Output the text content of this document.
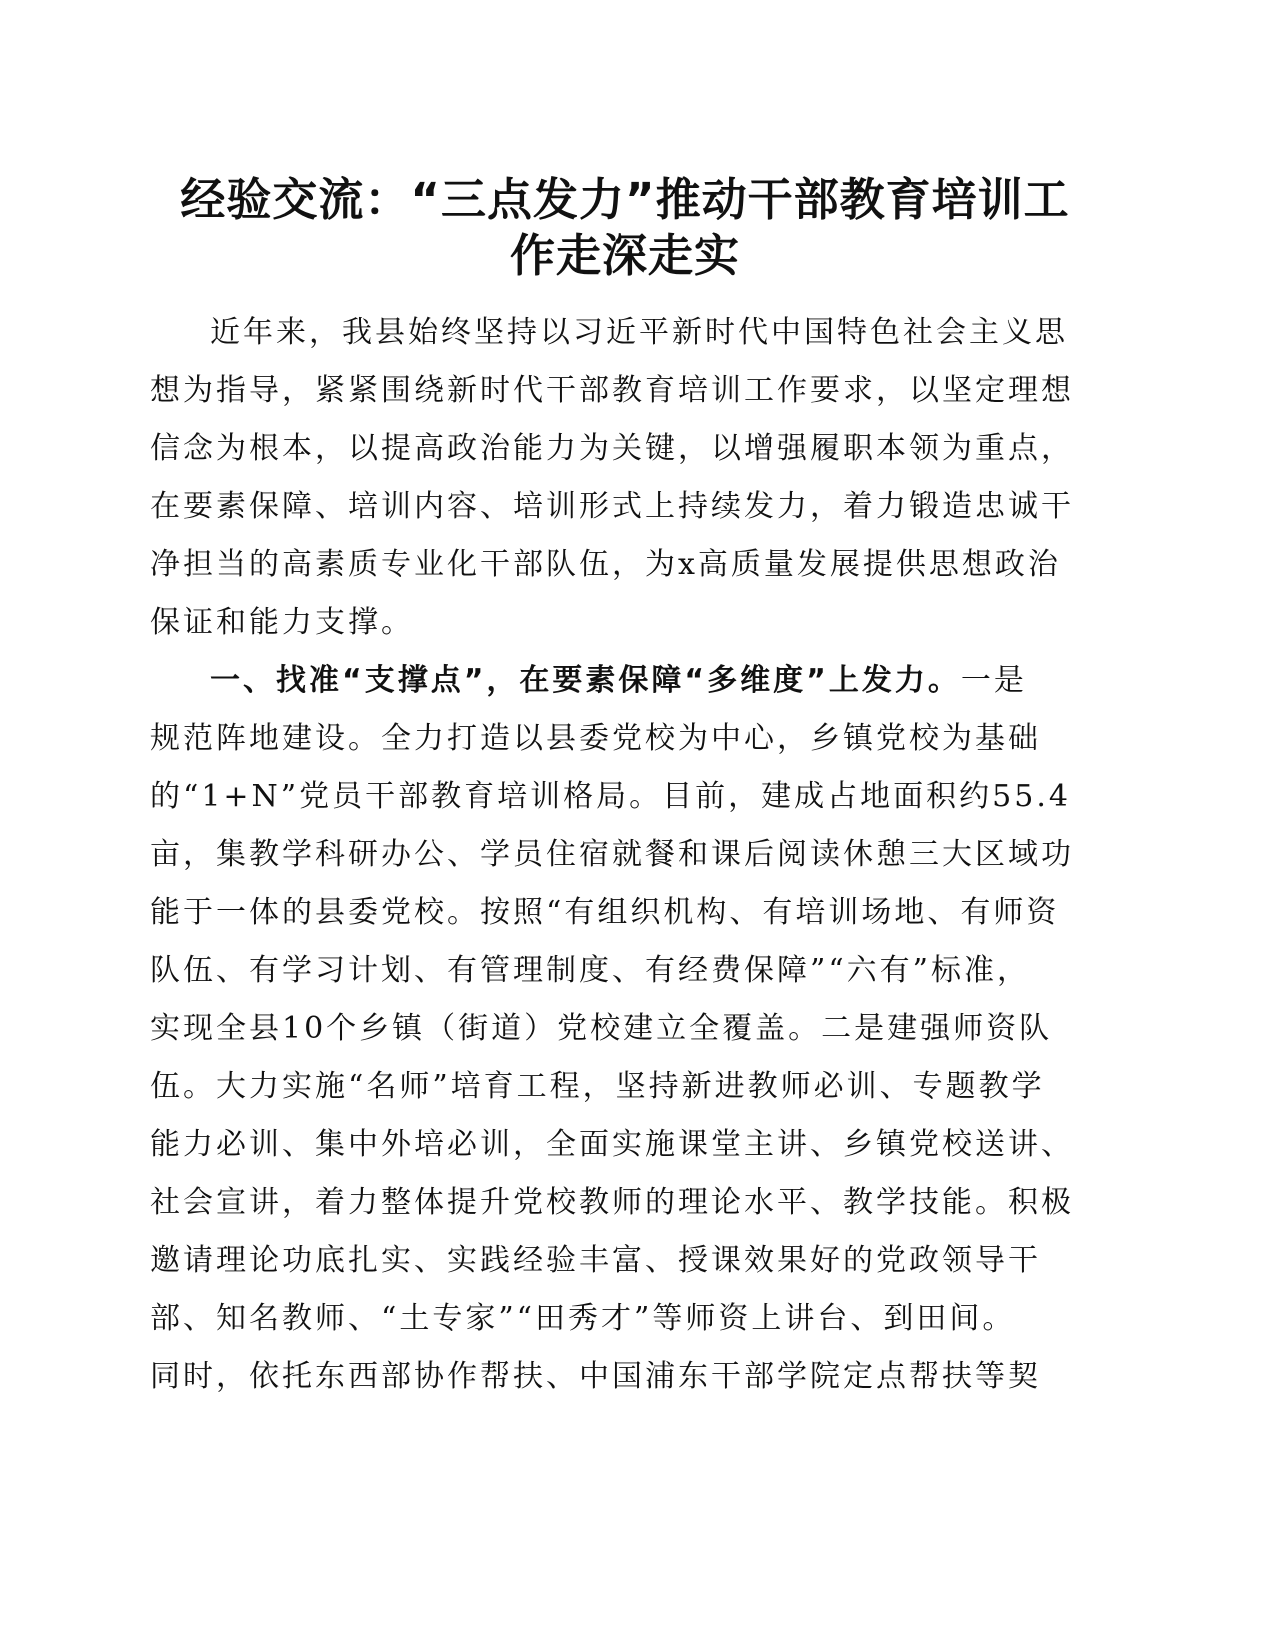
经验交流：“三点发力”推动干部教育培训工
作走深走实
近年来，我县始终坚持以习近平新时代中国特色社会主义思
想为指导，紧紧围绕新时代干部教育培训工作要求，以坚定理想
信念为根本，以提高政治能力为关键，以增强履职本领为重点，
在要素保障、培训内容、培训形式上持续发力，着力锻造忠诚干
净担当的高素质专业化干部队伍，为x高质量发展提供思想政治
保证和能力支撑。
一、找准“支撑点”，在要素保障“多维度”上发力。一是
规范阵地建设。全力打造以县委党校为中心，乡镇党校为基础
的“1+N”党员干部教育培训格局。目前，建成占地面积约55.4
亩，集教学科研办公、学员住宿就餐和课后阅读休憩三大区域功
能于一体的县委党校。按照“有组织机构、有培训场地、有师资
队伍、有学习计划、有管理制度、有经费保障”“六有”标准，
实现全县10个乡镇（街道）党校建立全覆盖。二是建强师资队
伍。大力实施“名师”培育工程，坚持新进教师必训、专题教学
能力必训、集中外培必训，全面实施课堂主讲、乡镇党校送讲、
社会宣讲，着力整体提升党校教师的理论水平、教学技能。积极
邀请理论功底扎实、实践经验丰富、授课效果好的党政领导干
部、知名教师、“土专家”“田秀才”等师资上讲台、到田间。
同时，依托东西部协作帮扶、中国浦东干部学院定点帮扶等契
